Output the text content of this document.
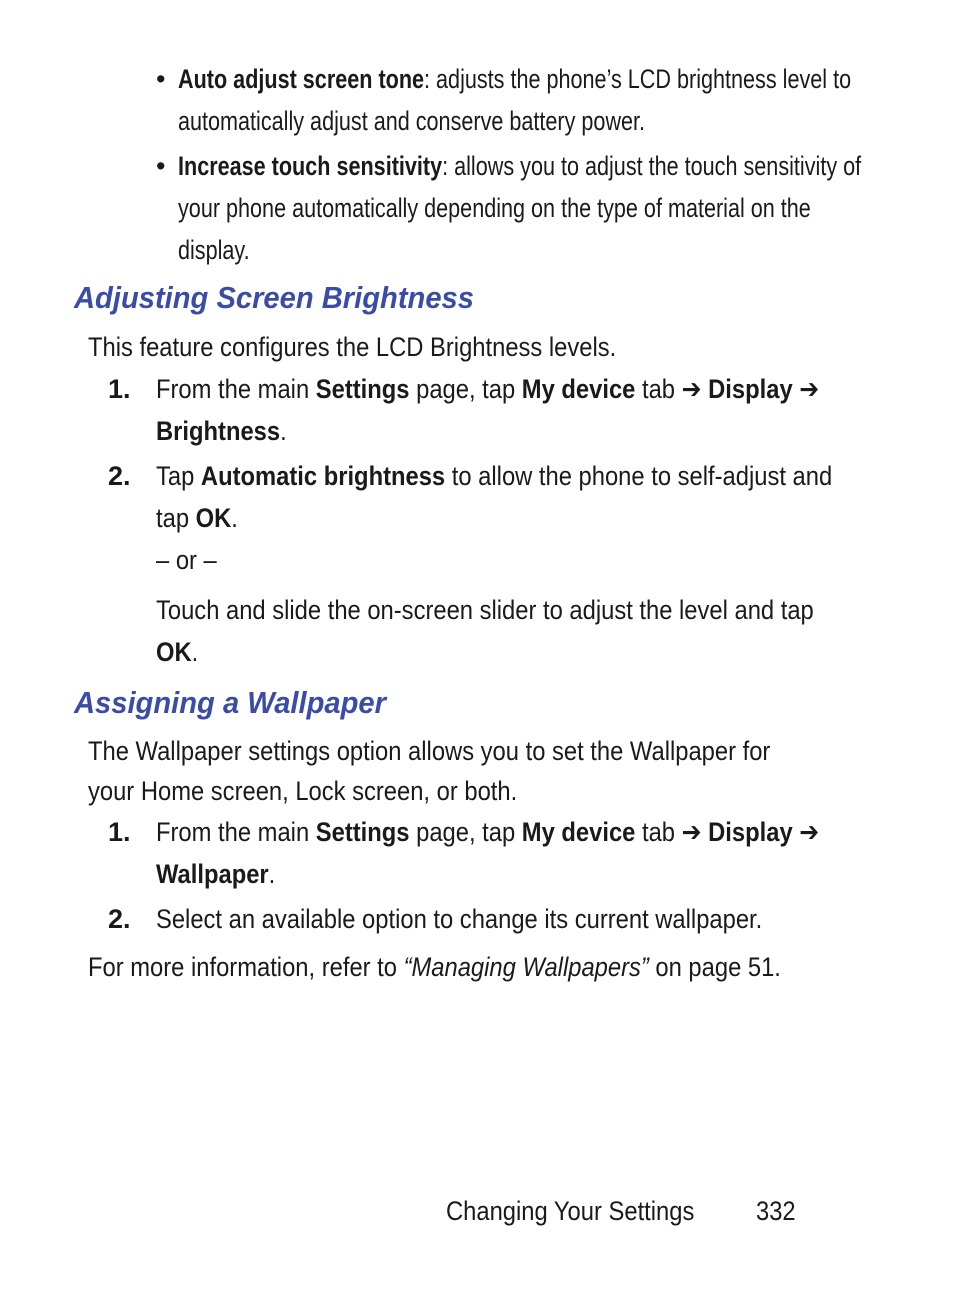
• Auto adjust screen tone: adjusts the phone’s LCD brightness level to
automatically adjust and conserve battery power.
• Increase touch sensitivity: allows you to adjust the touch sensitivity of
your phone automatically depending on the type of material on the
display.
Adjusting Screen Brightness
This feature configures the LCD Brightness levels.
1. From the main Settings page, tap My device tab ➔ Display ➔
Brightness.
2. Tap Automatic brightness to allow the phone to self-adjust and
tap OK.
– or –
Touch and slide the on-screen slider to adjust the level and tap
OK.
Assigning a Wallpaper
The Wallpaper settings option allows you to set the Wallpaper for
your Home screen, Lock screen, or both.
1. From the main Settings page, tap My device tab ➔ Display ➔
Wallpaper.
2. Select an available option to change its current wallpaper.
For more information, refer to “Managing Wallpapers” on page 51.
Changing Your Settings	332
